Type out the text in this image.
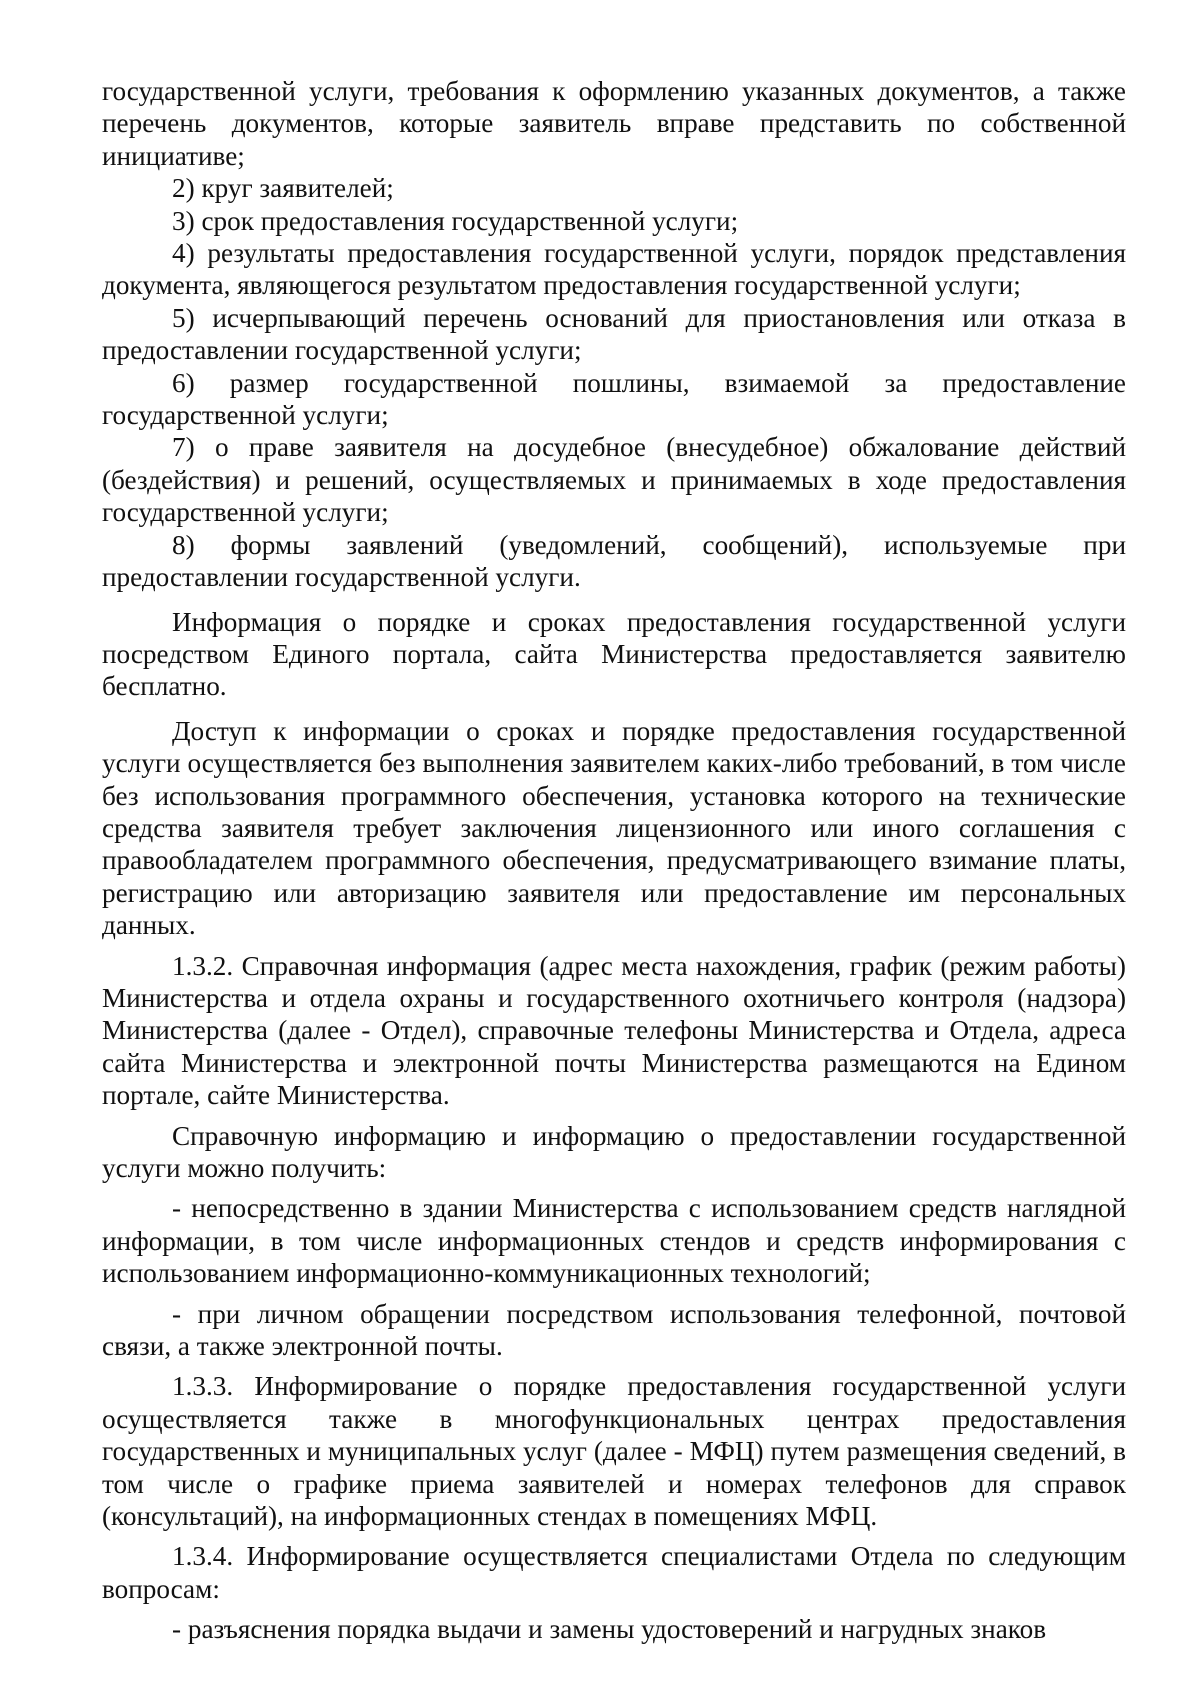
государственной услуги, требования к оформлению указанных документов, а также перечень документов, которые заявитель вправе представить по собственной инициативе;

2) круг заявителей;

3) срок предоставления государственной услуги;

4) результаты предоставления государственной услуги, порядок представления документа, являющегося результатом предоставления государственной услуги;

5) исчерпывающий перечень оснований для приостановления или отказа в предоставлении государственной услуги;

6) размер государственной пошлины, взимаемой за предоставление государственной услуги;

7) о праве заявителя на досудебное (внесудебное) обжалование действий (бездействия) и решений, осуществляемых и принимаемых в ходе предоставления государственной услуги;

8) формы заявлений (уведомлений, сообщений), используемые при предоставлении государственной услуги.

Информация о порядке и сроках предоставления государственной услуги посредством Единого портала, сайта Министерства предоставляется заявителю бесплатно.

Доступ к информации о сроках и порядке предоставления государственной услуги осуществляется без выполнения заявителем каких-либо требований, в том числе без использования программного обеспечения, установка которого на технические средства заявителя требует заключения лицензионного или иного соглашения с правообладателем программного обеспечения, предусматривающего взимание платы, регистрацию или авторизацию заявителя или предоставление им персональных данных.

1.3.2. Справочная информация (адрес места нахождения, график (режим работы) Министерства и отдела охраны и государственного охотничьего контроля (надзора) Министерства (далее - Отдел), справочные телефоны Министерства и Отдела, адреса сайта Министерства и электронной почты Министерства размещаются на Едином портале, сайте Министерства.

Справочную информацию и информацию о предоставлении государственной услуги можно получить:

- непосредственно в здании Министерства с использованием средств наглядной информации, в том числе информационных стендов и средств информирования с использованием информационно-коммуникационных технологий;

- при личном обращении посредством использования телефонной, почтовой связи, а также электронной почты.

1.3.3. Информирование о порядке предоставления государственной услуги осуществляется также в многофункциональных центрах предоставления государственных и муниципальных услуг (далее - МФЦ) путем размещения сведений, в том числе о графике приема заявителей и номерах телефонов для справок (консультаций), на информационных стендах в помещениях МФЦ.

1.3.4. Информирование осуществляется специалистами Отдела по следующим вопросам:

- разъяснения порядка выдачи и замены удостоверений и нагрудных знаков
